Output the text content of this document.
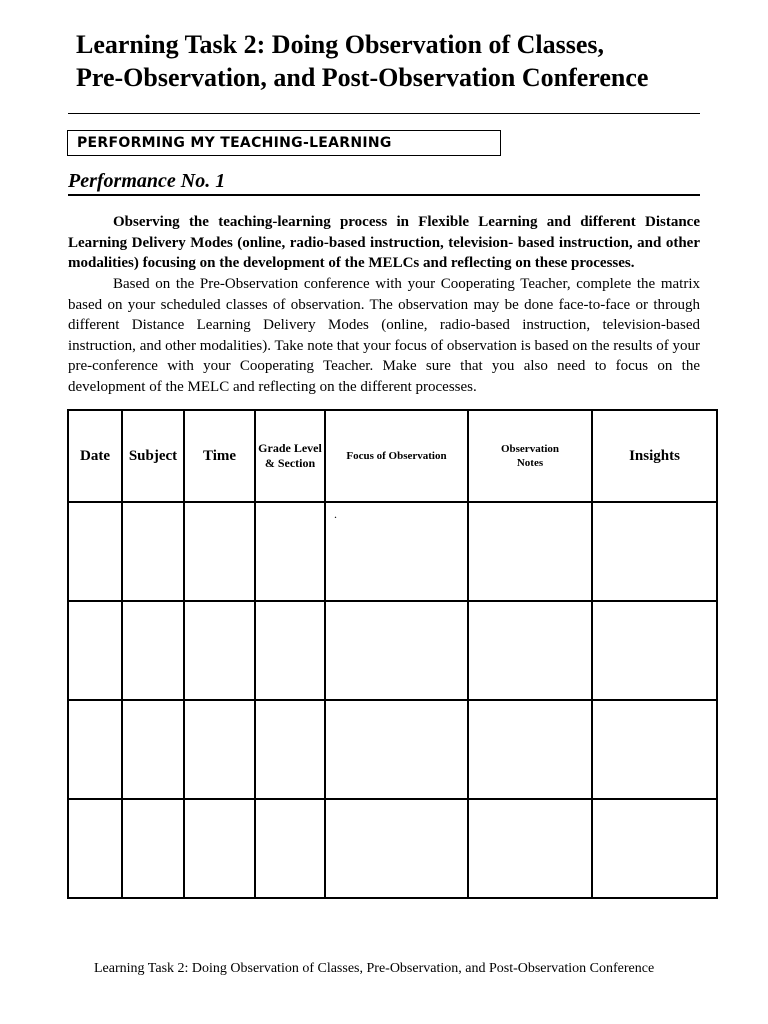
Learning Task 2: Doing Observation of Classes,
Pre-Observation, and Post-Observation Conference
PERFORMING MY TEACHING-LEARNING
Performance No. 1

Observing the teaching-learning process in Flexible Learning and different Distance Learning Delivery Modes (online, radio-based instruction, television- based instruction, and other modalities) focusing on the development of the MELCs and reflecting on these processes.

Based on the Pre-Observation conference with your Cooperating Teacher, complete the matrix based on your scheduled classes of observation. The observation may be done face-to-face or through different Distance Learning Delivery Modes (online, radio-based instruction, television-based instruction, and other modalities). Take note that your focus of observation is based on the results of your pre-conference with your Cooperating Teacher. Make sure that you also need to focus on the development of the MELC and reflecting on the different processes.

Date	Subject	Time	Grade Level & Section	Focus of Observation	Observation Notes	Insights

				.		

Learning Task 2: Doing Observation of Classes, Pre-Observation, and Post-Observation Conference
